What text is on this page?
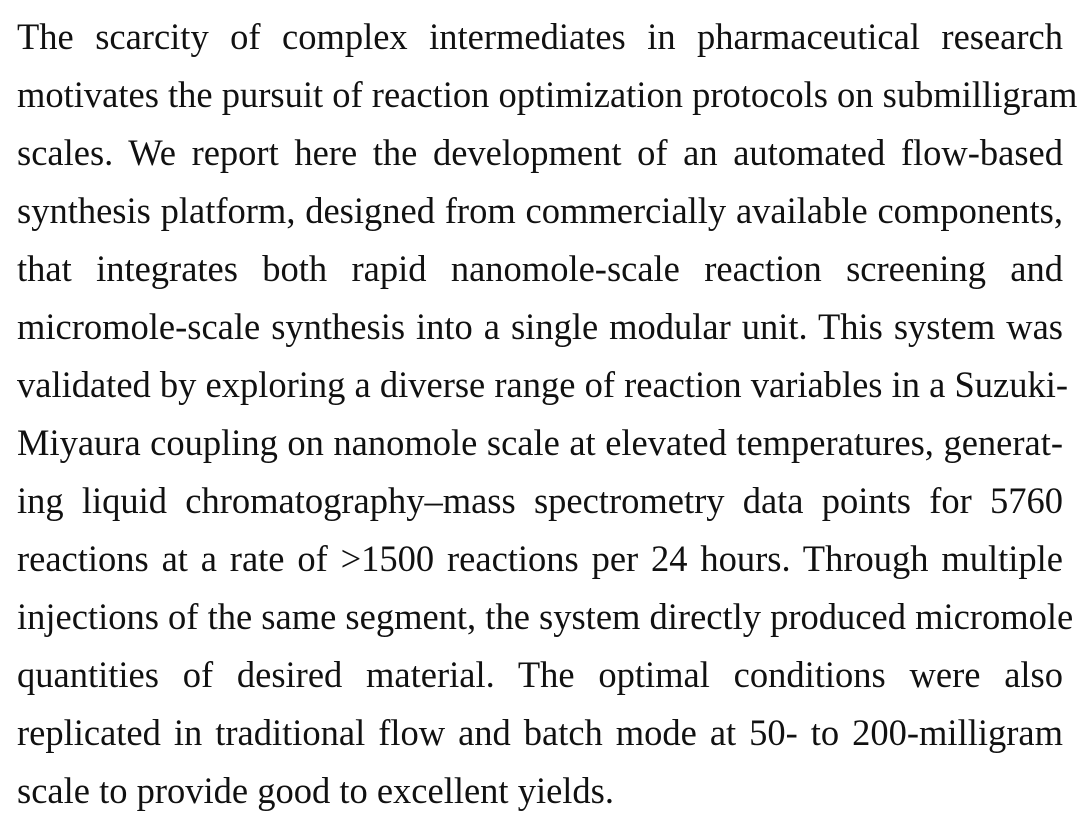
The scarcity of complex intermediates in pharmaceutical research
motivates the pursuit of reaction optimization protocols on submilligram
scales. We report here the development of an automated flow-based
synthesis platform, designed from commercially available components,
that integrates both rapid nanomole-scale reaction screening and
micromole-scale synthesis into a single modular unit. This system was
validated by exploring a diverse range of reaction variables in a Suzuki-
Miyaura coupling on nanomole scale at elevated temperatures, generat-
ing liquid chromatography–mass spectrometry data points for 5760
reactions at a rate of >1500 reactions per 24 hours. Through multiple
injections of the same segment, the system directly produced micromole
quantities of desired material. The optimal conditions were also
replicated in traditional flow and batch mode at 50- to 200-milligram
scale to provide good to excellent yields.
